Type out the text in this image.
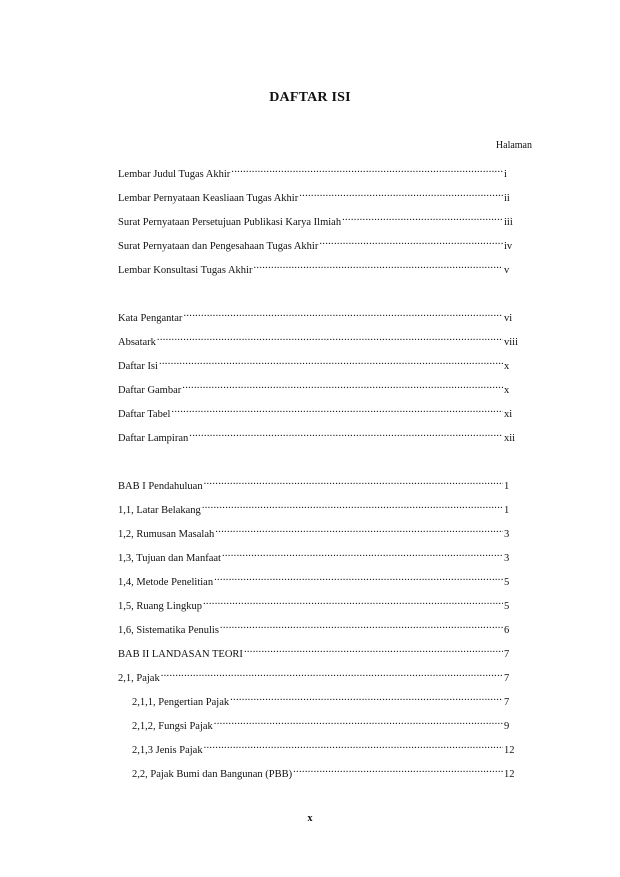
DAFTAR ISI
Halaman
Lembar Judul Tugas Akhir .....	i
Lembar Pernyataan Keasliaan Tugas Akhir .....	ii
Surat Pernyataan Persetujuan Publikasi Karya Ilmiah .....	iii
Surat Pernyataan dan Pengesahaan Tugas Akhir .....	iv
Lembar Konsultasi Tugas Akhir .....	v
Kata Pengantar .....	vi
Absatark .....	viii
Daftar Isi .....	x
Daftar Gambar .....	x
Daftar Tabel .....	xi
Daftar Lampiran .....	xii
BAB I Pendahuluan .....	1
1,1, Latar Belakang .....	1
1,2, Rumusan Masalah .....	3
1,3, Tujuan dan Manfaat .....	3
1,4, Metode Penelitian .....	5
1,5, Ruang Lingkup .....	5
1,6, Sistematika Penulis .....	6
BAB II LANDASAN TEORI .....	7
2,1, Pajak .....	7
2,1,1, Pengertian Pajak .....	7
2,1,2, Fungsi Pajak .....	9
2,1,3 Jenis Pajak .....	12
2,2, Pajak Bumi dan Bangunan (PBB) .....	12
x
